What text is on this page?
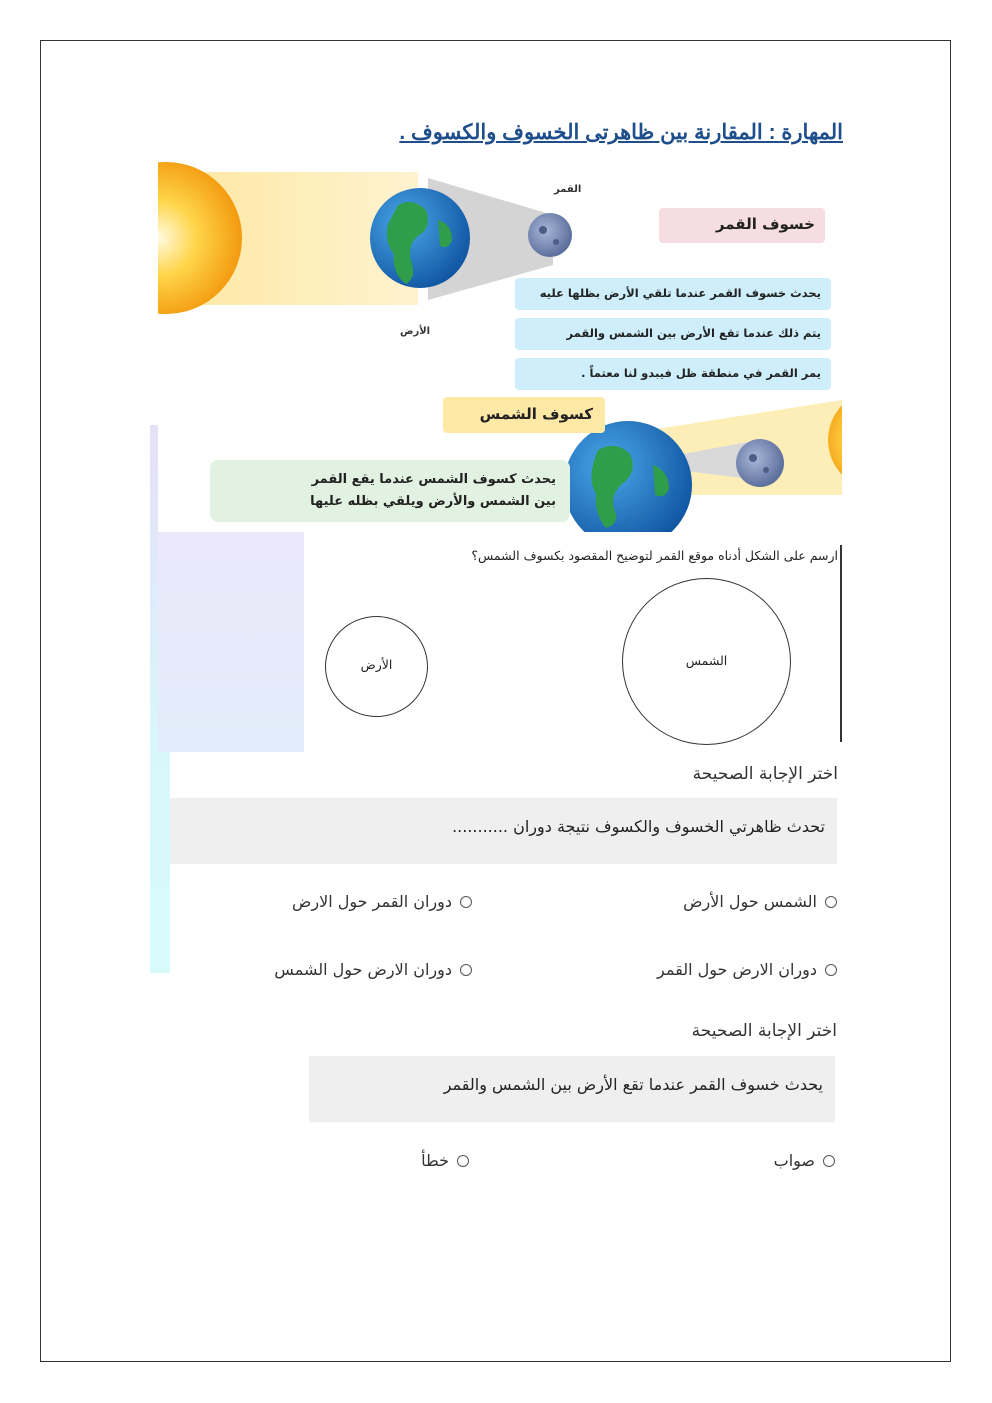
المهارة : المقارنة بين ظاهرتى الخسوف والكسوف .
القمر
الأرض
خسوف القمر
يحدث خسوف القمر عندما تلقي الأرض بظلها عليه
يتم ذلك عندما تقع الأرض بين الشمس والقمر
يمر القمر في منطقة ظل فيبدو لنا معتماً .
كسوف الشمس
يحدث كسوف الشمس عندما يقع القمر
بين الشمس والأرض ويلقي بظله عليها
ارسم على الشكل أدناه موقع القمر لتوضيح المقصود بكسوف الشمس؟
الأرض	الشمس
اختر الإجابة الصحيحة
تحدث ظاهرتي الخسوف والكسوف نتيجة دوران ...........
الشمس حول الأرض
دوران القمر حول الارض
دوران الارض حول القمر
دوران الارض حول الشمس
اختر الإجابة الصحيحة
يحدث خسوف القمر عندما تقع الأرض بين الشمس والقمر
صواب
خطأ
